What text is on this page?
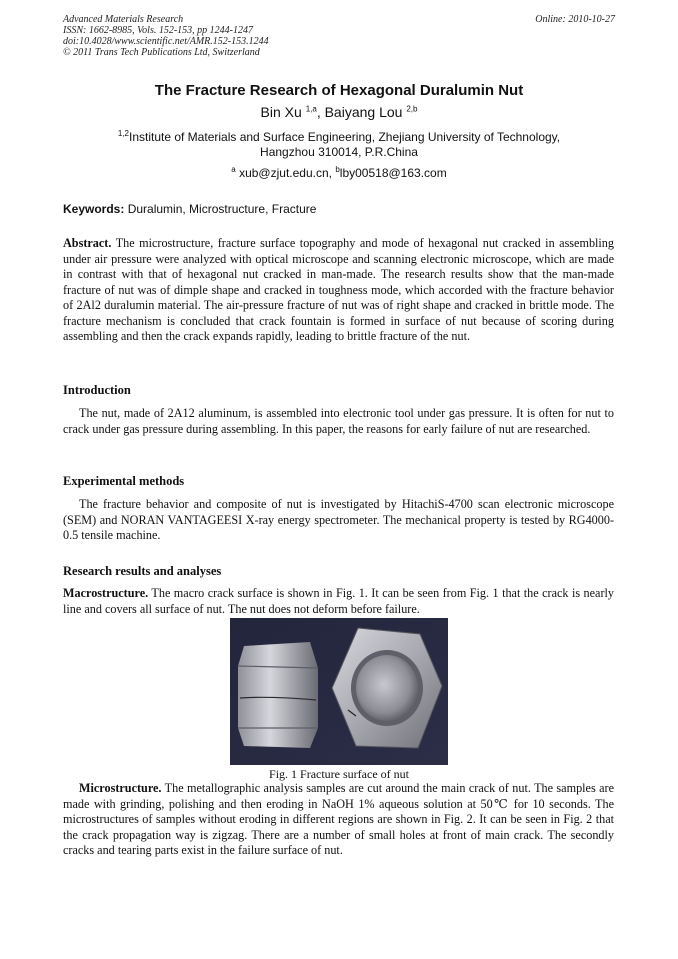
Advanced Materials Research
ISSN: 1662-8985, Vols. 152-153, pp 1244-1247
doi:10.4028/www.scientific.net/AMR.152-153.1244
© 2011 Trans Tech Publications Ltd, Switzerland
Online: 2010-10-27
The Fracture Research of Hexagonal Duralumin Nut
Bin Xu $^{1,a}$, Baiyang Lou $^{2,b}$
$^{1,2}$Institute of Materials and Surface Engineering, Zhejiang University of Technology,
Hangzhou 310014, P.R.China
$^a$ xub@zjut.edu.cn, $^b$lby00518@163.com
Keywords: Duralumin, Microstructure, Fracture
Abstract. The microstructure, fracture surface topography and mode of hexagonal nut cracked in assembling under air pressure were analyzed with optical microscope and scanning electronic microscope, which are made in contrast with that of hexagonal nut cracked in man-made. The research results show that the man-made fracture of nut was of dimple shape and cracked in toughness mode, which accorded with the fracture behavior of 2Al2 duralumin material. The air-pressure fracture of nut was of right shape and cracked in brittle mode. The fracture mechanism is concluded that crack fountain is formed in surface of nut because of scoring during assembling and then the crack expands rapidly, leading to brittle fracture of the nut.
Introduction
The nut, made of 2A12 aluminum, is assembled into electronic tool under gas pressure. It is often for nut to crack under gas pressure during assembling. In this paper, the reasons for early failure of nut are researched.
Experimental methods
The fracture behavior and composite of nut is investigated by HitachiS-4700 scan electronic microscope (SEM) and NORAN VANTAGEESI X-ray energy spectrometer. The mechanical property is tested by RG4000-0.5 tensile machine.
Research results and analyses
Macrostructure. The macro crack surface is shown in Fig. 1. It can be seen from Fig. 1 that the crack is nearly line and covers all surface of nut. The nut does not deform before failure.
Fig. 1 Fracture surface of nut
Microstructure. The metallographic analysis samples are cut around the main crack of nut. The samples are made with grinding, polishing and then eroding in NaOH 1% aqueous solution at 50℃ for 10 seconds. The microstructures of samples without eroding in different regions are shown in Fig. 2. It can be seen in Fig. 2 that the crack propagation way is zigzag. There are a number of small holes at front of main crack. The secondly cracks and tearing parts exist in the failure surface of nut.
